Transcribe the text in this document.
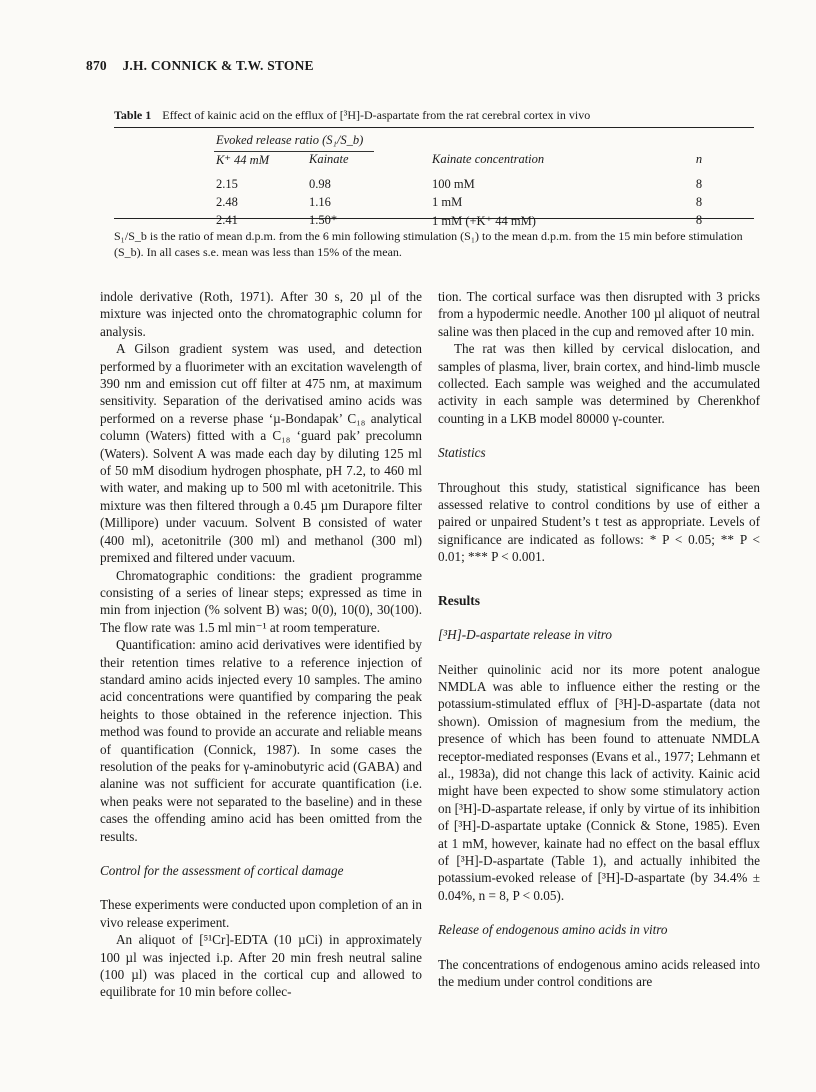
870 J.H. CONNICK & T.W. STONE
Table 1 Effect of kainic acid on the efflux of [³H]-D-aspartate from the rat cerebral cortex in vivo
Evoked release ratio (S₁/S_b)
K⁺ 44 mM	Kainate	Kainate concentration	n
2.15	0.98	100 mM	8
2.48	1.16	1 mM	8
2.41	1.50*	1 mM (+K⁺ 44 mM)	8
S₁/S_b is the ratio of mean d.p.m. from the 6 min following stimulation (S₁) to the mean d.p.m. from the 15 min before stimulation (S_b). In all cases s.e. mean was less than 15% of the mean.

indole derivative (Roth, 1971). After 30 s, 20 µl of the mixture was injected onto the chromatographic column for analysis.

A Gilson gradient system was used, and detection performed by a fluorimeter with an excitation wavelength of 390 nm and emission cut off filter at 475 nm, at maximum sensitivity. Separation of the derivatised amino acids was performed on a reverse phase ‘µ-Bondapak’ C₁₈ analytical column (Waters) fitted with a C₁₈ ‘guard pak’ precolumn (Waters). Solvent A was made each day by diluting 125 ml of 50 mM disodium hydrogen phosphate, pH 7.2, to 460 ml with water, and making up to 500 ml with acetonitrile. This mixture was then filtered through a 0.45 µm Durapore filter (Millipore) under vacuum. Solvent B consisted of water (400 ml), acetonitrile (300 ml) and methanol (300 ml) premixed and filtered under vacuum.

Chromatographic conditions: the gradient programme consisting of a series of linear steps; expressed as time in min from injection (% solvent B) was; 0(0), 10(0), 30(100). The flow rate was 1.5 ml min⁻¹ at room temperature.

Quantification: amino acid derivatives were identified by their retention times relative to a reference injection of standard amino acids injected every 10 samples. The amino acid concentrations were quantified by comparing the peak heights to those obtained in the reference injection. This method was found to provide an accurate and reliable means of quantification (Connick, 1987). In some cases the resolution of the peaks for γ-aminobutyric acid (GABA) and alanine was not sufficient for accurate quantification (i.e. when peaks were not separated to the baseline) and in these cases the offending amino acid has been omitted from the results.

Control for the assessment of cortical damage

These experiments were conducted upon completion of an in vivo release experiment.

An aliquot of [⁵¹Cr]-EDTA (10 µCi) in approximately 100 µl was injected i.p. After 20 min fresh neutral saline (100 µl) was placed in the cortical cup and allowed to equilibrate for 10 min before collec-

tion. The cortical surface was then disrupted with 3 pricks from a hypodermic needle. Another 100 µl aliquot of neutral saline was then placed in the cup and removed after 10 min.

The rat was then killed by cervical dislocation, and samples of plasma, liver, brain cortex, and hind-limb muscle collected. Each sample was weighed and the accumulated activity in each sample was determined by Cherenkhof counting in a LKB model 80000 γ-counter.

Statistics

Throughout this study, statistical significance has been assessed relative to control conditions by use of either a paired or unpaired Student’s t test as appropriate. Levels of significance are indicated as follows: * P < 0.05; ** P < 0.01; *** P < 0.001.

Results
[³H]-D-aspartate release in vitro

Neither quinolinic acid nor its more potent analogue NMDLA was able to influence either the resting or the potassium-stimulated efflux of [³H]-D-aspartate (data not shown). Omission of magnesium from the medium, the presence of which has been found to attenuate NMDLA receptor-mediated responses (Evans et al., 1977; Lehmann et al., 1983a), did not change this lack of activity. Kainic acid might have been expected to show some stimulatory action on [³H]-D-aspartate release, if only by virtue of its inhibition of [³H]-D-aspartate uptake (Connick & Stone, 1985). Even at 1 mM, however, kainate had no effect on the basal efflux of [³H]-D-aspartate (Table 1), and actually inhibited the potassium-evoked release of [³H]-D-aspartate (by 34.4% ± 0.04%, n = 8, P < 0.05).

Release of endogenous amino acids in vitro

The concentrations of endogenous amino acids released into the medium under control conditions are
